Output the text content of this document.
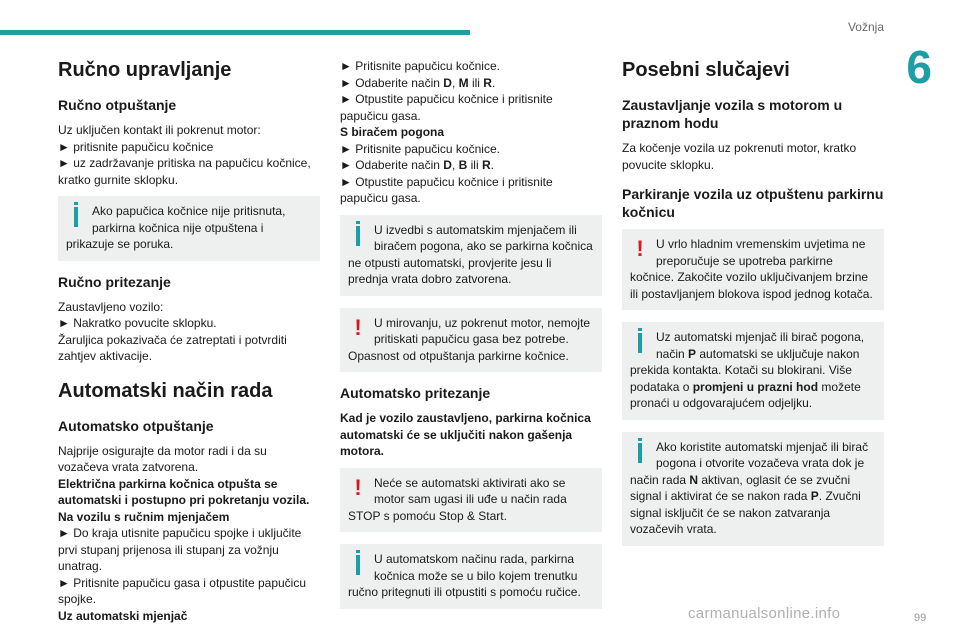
Vožnja
6
Ručno upravljanje
Ručno otpuštanje

Uz uključen kontakt ili pokrenut motor:

► pritisnite papučicu kočnice

► uz zadržavanje pritiska na papučicu kočnice, kratko gurnite sklopku.

Ako papučica kočnice nije pritisnuta, parkirna kočnica nije otpuštena i prikazuje se poruka.
Ručno pritezanje

Zaustavljeno vozilo:

► Nakratko povucite sklopku.

Žaruljica pokazivača će zatreptati i potvrditi zahtjev aktivacije.

Automatski način rada
Automatsko otpuštanje

Najprije osigurajte da motor radi i da su vozačeva vrata zatvorena.

Električna parkirna kočnica otpušta se automatski i postupno pri pokretanju vozila.

Na vozilu s ručnim mjenjačem

► Do kraja utisnite papučicu spojke i uključite prvi stupanj prijenosa ili stupanj za vožnju unatrag.

► Pritisnite papučicu gasa i otpustite papučicu spojke.

Uz automatski mjenjač

► Pritisnite papučicu kočnice.

► Odaberite način D, M ili R.

► Otpustite papučicu kočnice i pritisnite papučicu gasa.

S biračem pogona

► Pritisnite papučicu kočnice.

► Odaberite način D, B ili R.

► Otpustite papučicu kočnice i pritisnite papučicu gasa.

U izvedbi s automatskim mjenjačem ili biračem pogona, ako se parkirna kočnica ne otpusti automatski, provjerite jesu li prednja vrata dobro zatvorena.
! U mirovanju, uz pokrenut motor, nemojte pritiskati papučicu gasa bez potrebe. Opasnost od otpuštanja parkirne kočnice.
Automatsko pritezanje

Kad je vozilo zaustavljeno, parkirna kočnica automatski će se uključiti nakon gašenja motora.

! Neće se automatski aktivirati ako se motor sam ugasi ili uđe u način rada STOP s pomoću Stop & Start.
U automatskom načinu rada, parkirna kočnica može se u bilo kojem trenutku ručno pritegnuti ili otpustiti s pomoću ručice.
Posebni slučajevi
Zaustavljanje vozila s motorom u praznom hodu

Za kočenje vozila uz pokrenuti motor, kratko povucite sklopku.

Parkiranje vozila uz otpuštenu parkirnu kočnicu
! U vrlo hladnim vremenskim uvjetima ne preporučuje se upotreba parkirne kočnice. Zakočite vozilo uključivanjem brzine ili postavljanjem blokova ispod jednog kotača.
Uz automatski mjenjač ili birač pogona, način P automatski se uključuje nakon prekida kontakta. Kotači su blokirani. Više podataka o promjeni u prazni hod možete pronaći u odgovarajućem odjeljku.
Ako koristite automatski mjenjač ili birač pogona i otvorite vozačeva vrata dok je način rada N aktivan, oglasit će se zvučni signal i aktivirat će se nakon rada P. Zvučni signal isključit će se nakon zatvaranja vozačevih vrata.
carmanualsonline.info	99
